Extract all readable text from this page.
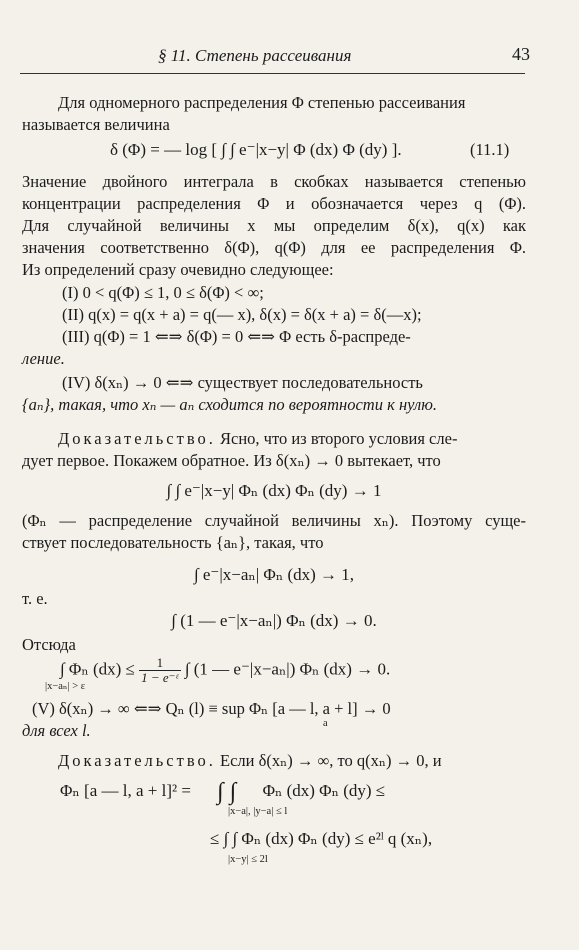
§ 11. Степень рассеивания	43
Для одномерного распределения Φ степенью рассеивания
называется величина
δ (Φ) = — log [ ∫ ∫ e⁻|x−y| Φ (dx) Φ (dy) ].	(11.1)
Значение двойного интеграла в скобках называется степенью
концентрации распределения Φ и обозначается через q (Φ).
Для случайной величины x мы определим δ(x), q(x) как
значения соответственно δ(Φ), q(Φ) для ее распределения Φ.
Из определений сразу очевидно следующее:
(I) 0 < q(Φ) ≤ 1, 0 ≤ δ(Φ) < ∞;
(II) q(x) = q(x + a) = q(— x), δ(x) = δ(x + a) = δ(—x);
(III) q(Φ) = 1 ⇐⇒ δ(Φ) = 0 ⇐⇒ Φ есть δ-распреде-
ление.
(IV) δ(xₙ) → 0 ⇐⇒ существует последовательность
{aₙ}, такая, что xₙ — aₙ сходится по вероятности к нулю.
Доказательство. Ясно, что из второго условия сле-
дует первое. Покажем обратное. Из δ(xₙ) → 0 вытекает, что
∫ ∫ e⁻|x−y| Φₙ (dx) Φₙ (dy) → 1
(Φₙ — распределение случайной величины xₙ). Поэтому суще-
ствует последовательность {aₙ}, такая, что
∫ e⁻|x−aₙ| Φₙ (dx) → 1,
т. е.
∫ (1 — e⁻|x−aₙ|) Φₙ (dx) → 0.
Отсюда
∫ Φₙ $(dx) \le \frac{1}{\text{1 − e⁻ᵋ}}$ ∫ (1 — e⁻|x−aₙ|) Φₙ (dx) → 0.
|x−aₙ| > ε
(V) δ(xₙ) → ∞ ⇐⇒ Qₙ (l) ≡ sup Φₙ [a — l, a + l] → 0
a
для всех l.
Доказательство. Если δ(xₙ) → ∞, то q(xₙ) → 0, и
Φₙ [a — l, a + l]² = ∫ ∫ Φₙ (dx) Φₙ (dy) ≤
|x−a|, |y−a| ≤ l
≤ ∫ ∫ Φₙ (dx) Φₙ (dy) ≤ e²ˡ q (xₙ),
|x−y| ≤ 2l
